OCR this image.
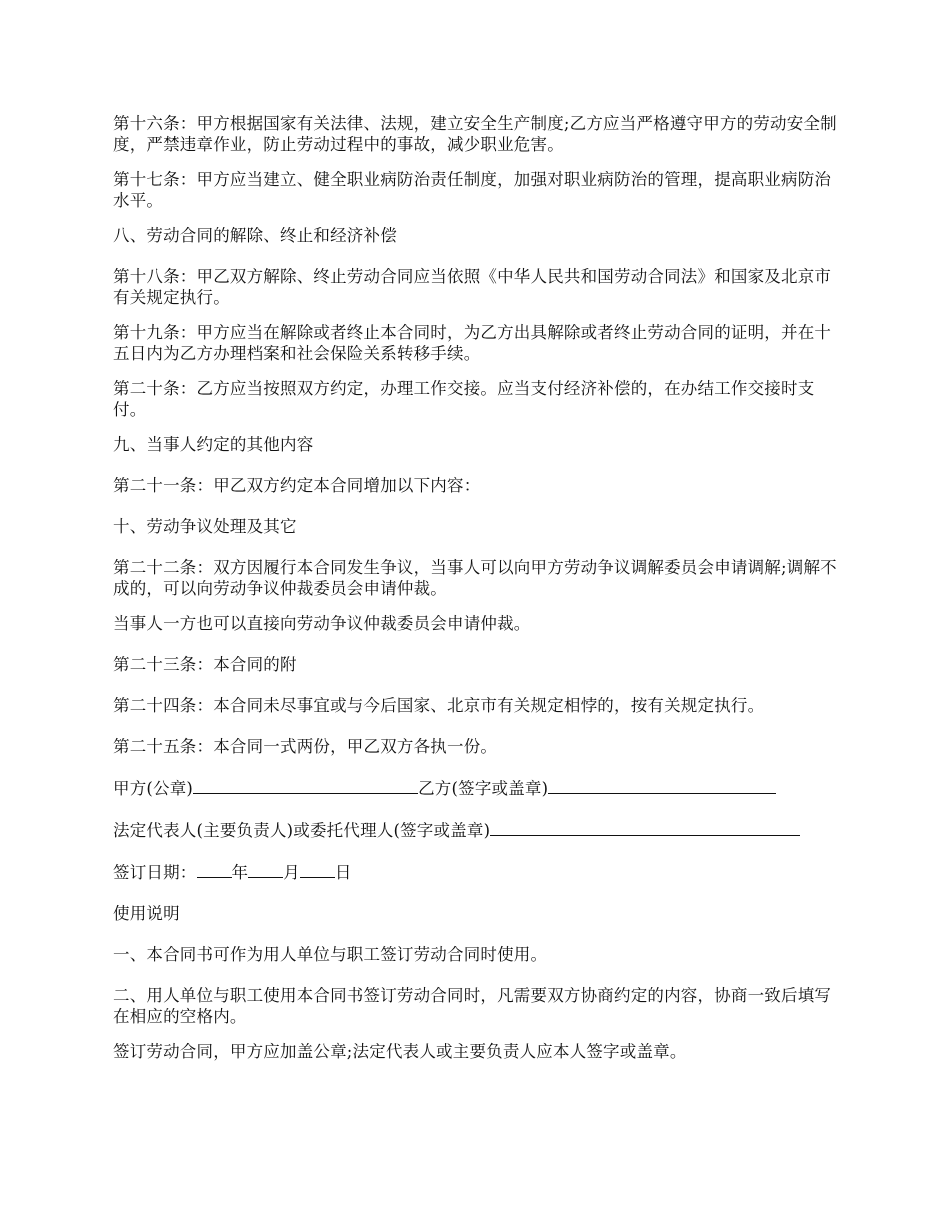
第十六条：甲方根据国家有关法律、法规，建立安全生产制度;乙方应当严格遵守甲方的劳动安全制度，严禁违章作业，防止劳动过程中的事故，减少职业危害。

第十七条：甲方应当建立、健全职业病防治责任制度，加强对职业病防治的管理，提高职业病防治水平。

八、劳动合同的解除、终止和经济补偿

第十八条：甲乙双方解除、终止劳动合同应当依照《中华人民共和国劳动合同法》和国家及北京市有关规定执行。

第十九条：甲方应当在解除或者终止本合同时，为乙方出具解除或者终止劳动合同的证明，并在十五日内为乙方办理档案和社会保险关系转移手续。

第二十条：乙方应当按照双方约定，办理工作交接。应当支付经济补偿的，在办结工作交接时支付。

九、当事人约定的其他内容

第二十一条：甲乙双方约定本合同增加以下内容：

十、劳动争议处理及其它

第二十二条：双方因履行本合同发生争议，当事人可以向甲方劳动争议调解委员会申请调解;调解不成的，可以向劳动争议仲裁委员会申请仲裁。

当事人一方也可以直接向劳动争议仲裁委员会申请仲裁。

第二十三条：本合同的附

第二十四条：本合同未尽事宜或与今后国家、北京市有关规定相悖的，按有关规定执行。

第二十五条：本合同一式两份，甲乙双方各执一份。

甲方(公章)	乙方(签字或盖章)

法定代表人(主要负责人)或委托代理人(签字或盖章)

签订日期： 年 月 日

使用说明

一、本合同书可作为用人单位与职工签订劳动合同时使用。

二、用人单位与职工使用本合同书签订劳动合同时，凡需要双方协商约定的内容，协商一致后填写在相应的空格内。

签订劳动合同，甲方应加盖公章;法定代表人或主要负责人应本人签字或盖章。
